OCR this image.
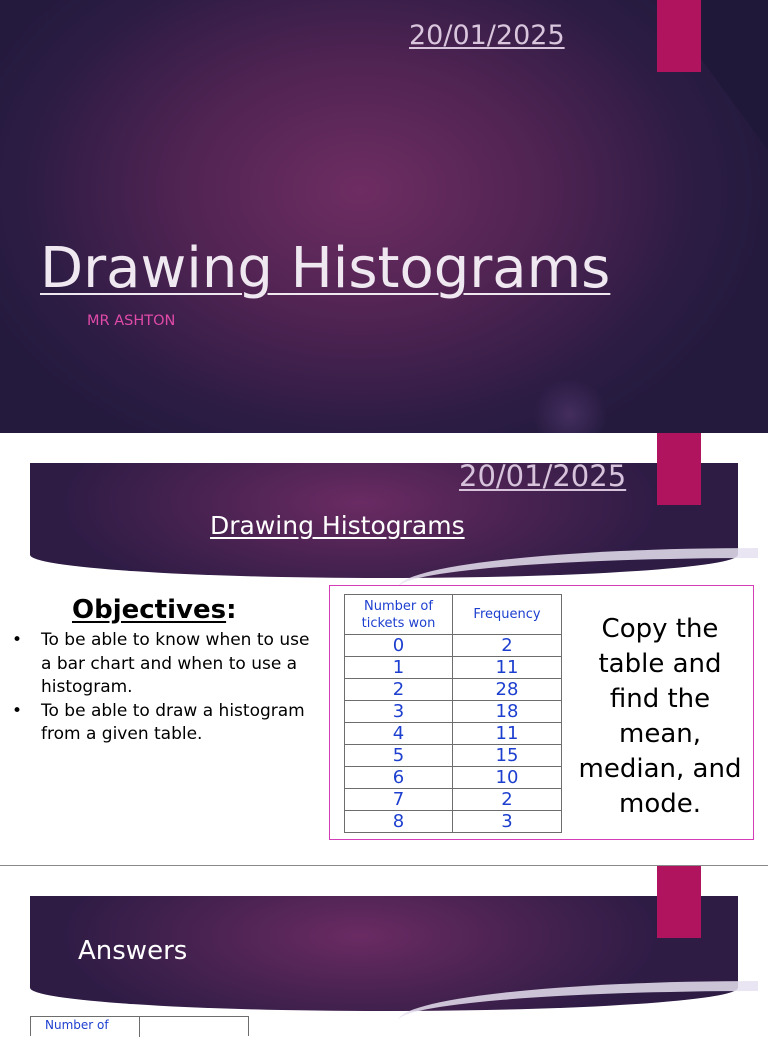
20/01/2025
Drawing Histograms
MR ASHTON
20/01/2025
Drawing Histograms
Objectives:
• To be able to know when to use a bar chart and when to use a histogram.
• To be able to draw a histogram from a given table.
Number of tickets won	Frequency
0	2
1	11
2	28
3	18
4	11
5	15
6	10
7	2
8	3
Copy the table and find the mean, median, and mode.
Answers
Number of
